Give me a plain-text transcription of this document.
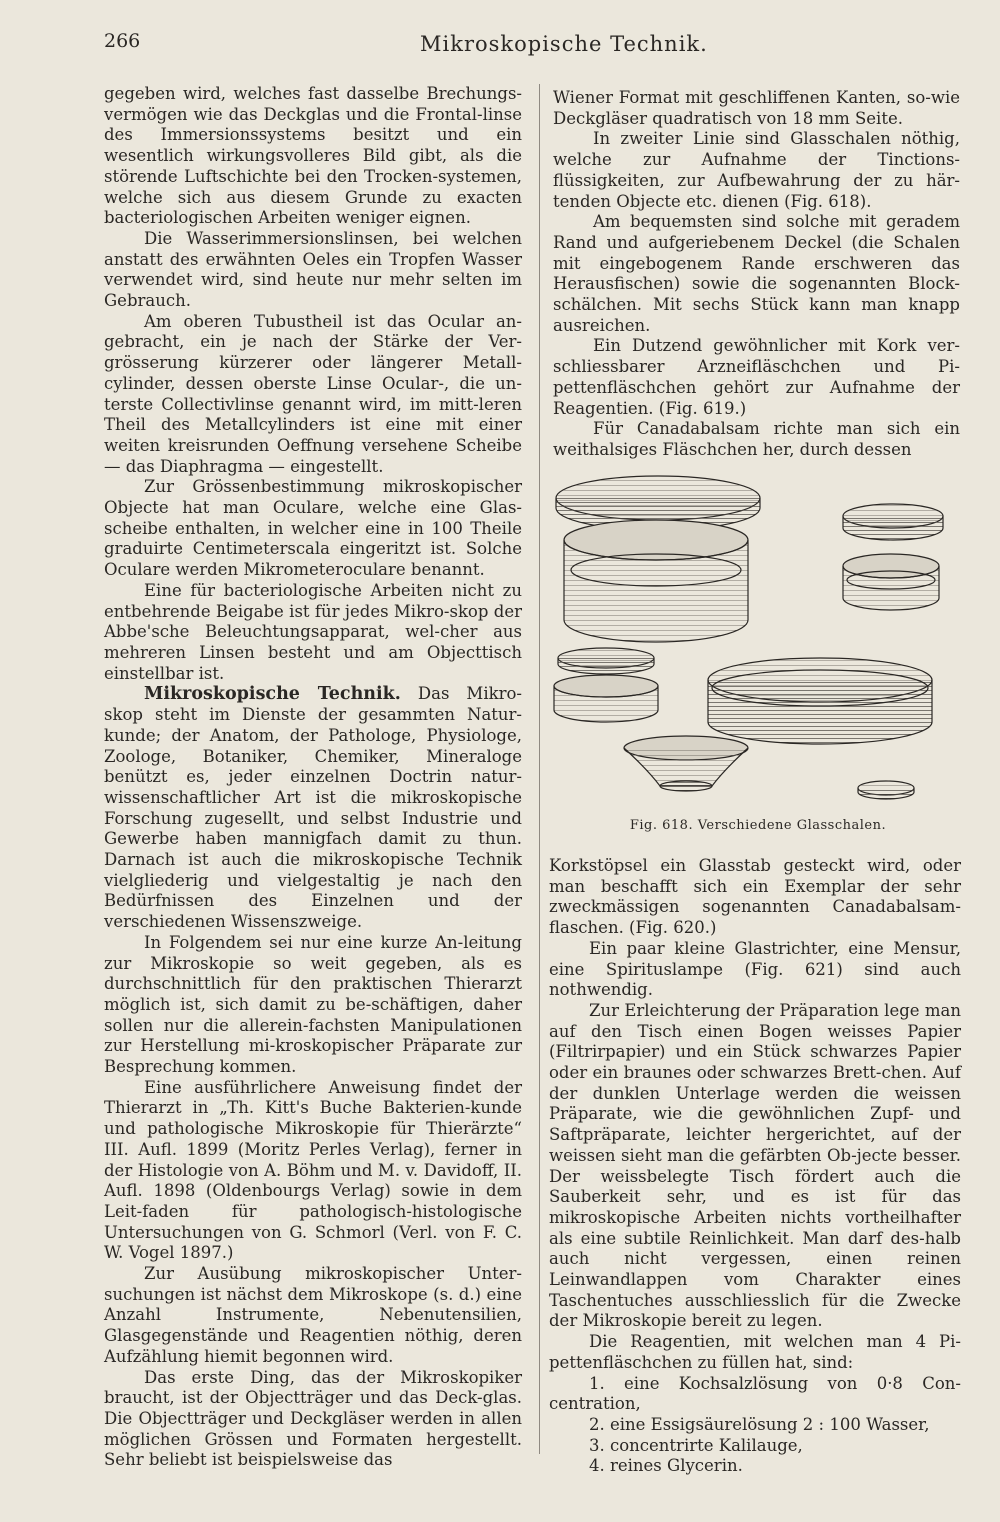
266	Mikroskopische Technik.

gegeben wird, welches fast dasselbe Brechungs-vermögen wie das Deckglas und die Frontal-linse des Immersionssystems besitzt und ein wesentlich wirkungsvolleres Bild gibt, als die störende Luftschichte bei den Trocken-systemen, welche sich aus diesem Grunde zu exacten bacteriologischen Arbeiten weniger eignen.

Die Wasserimmersionslinsen, bei welchen anstatt des erwähnten Oeles ein Tropfen Wasser verwendet wird, sind heute nur mehr selten im Gebrauch.

Am oberen Tubustheil ist das Ocular an-gebracht, ein je nach der Stärke der Ver-grösserung kürzerer oder längerer Metall-cylinder, dessen oberste Linse Ocular-, die un-terste Collectivlinse genannt wird, im mitt-leren Theil des Metallcylinders ist eine mit einer weiten kreisrunden Oeffnung versehene Scheibe — das Diaphragma — eingestellt.

Zur Grössenbestimmung mikroskopischer Objecte hat man Oculare, welche eine Glas-scheibe enthalten, in welcher eine in 100 Theile graduirte Centimeterscala eingeritzt ist. Solche Oculare werden Mikrometeroculare benannt.

Eine für bacteriologische Arbeiten nicht zu entbehrende Beigabe ist für jedes Mikro-skop der Abbe'sche Beleuchtungsapparat, wel-cher aus mehreren Linsen besteht und am Objecttisch einstellbar ist.

Mikroskopische Technik. Das Mikro-skop steht im Dienste der gesammten Natur-kunde; der Anatom, der Pathologe, Physiologe, Zoologe, Botaniker, Chemiker, Mineraloge benützt es, jeder einzelnen Doctrin natur-wissenschaftlicher Art ist die mikroskopische Forschung zugesellt, und selbst Industrie und Gewerbe haben mannigfach damit zu thun. Darnach ist auch die mikroskopische Technik vielgliederig und vielgestaltig je nach den Bedürfnissen des Einzelnen und der verschiedenen Wissenszweige.

In Folgendem sei nur eine kurze An-leitung zur Mikroskopie so weit gegeben, als es durchschnittlich für den praktischen Thierarzt möglich ist, sich damit zu be-schäftigen, daher sollen nur die allerein-fachsten Manipulationen zur Herstellung mi-kroskopischer Präparate zur Besprechung kommen.

Eine ausführlichere Anweisung findet der Thierarzt in „Th. Kitt's Buche Bakterien-kunde und pathologische Mikroskopie für Thierärzte“ III. Aufl. 1899 (Moritz Perles Verlag), ferner in der Histologie von A. Böhm und M. v. Davidoff, II. Aufl. 1898 (Oldenbourgs Verlag) sowie in dem Leit-faden für pathologisch-histologische Untersuchungen von G. Schmorl (Verl. von F. C. W. Vogel 1897.)

Zur Ausübung mikroskopischer Unter-suchungen ist nächst dem Mikroskope (s. d.) eine Anzahl Instrumente, Nebenutensilien, Glasgegenstände und Reagentien nöthig, deren Aufzählung hiemit begonnen wird.

Das erste Ding, das der Mikroskopiker braucht, ist der Objectträger und das Deck-glas. Die Objectträger und Deckgläser werden in allen möglichen Grössen und Formaten hergestellt. Sehr beliebt ist beispielsweise das

Wiener Format mit geschliffenen Kanten, so-wie Deckgläser quadratisch von 18 mm Seite.

In zweiter Linie sind Glasschalen nöthig, welche zur Aufnahme der Tinctions-flüssigkeiten, zur Aufbewahrung der zu här-tenden Objecte etc. dienen (Fig. 618).

Am bequemsten sind solche mit geradem Rand und aufgeriebenem Deckel (die Schalen mit eingebogenem Rande erschweren das Herausfischen) sowie die sogenannten Block-schälchen. Mit sechs Stück kann man knapp ausreichen.

Ein Dutzend gewöhnlicher mit Kork ver-schliessbarer Arzneifläschchen und Pi-pettenfläschchen gehört zur Aufnahme der Reagentien. (Fig. 619.)

Für Canadabalsam richte man sich ein weithalsiges Fläschchen her, durch dessen

Fig. 618. Verschiedene Glasschalen.

Korkstöpsel ein Glasstab gesteckt wird, oder man beschafft sich ein Exemplar der sehr zweckmässigen sogenannten Canadabalsam-flaschen. (Fig. 620.)

Ein paar kleine Glastrichter, eine Mensur, eine Spirituslampe (Fig. 621) sind auch nothwendig.

Zur Erleichterung der Präparation lege man auf den Tisch einen Bogen weisses Papier (Filtrirpapier) und ein Stück schwarzes Papier oder ein braunes oder schwarzes Brett-chen. Auf der dunklen Unterlage werden die weissen Präparate, wie die gewöhnlichen Zupf- und Saftpräparate, leichter hergerichtet, auf der weissen sieht man die gefärbten Ob-jecte besser. Der weissbelegte Tisch fördert auch die Sauberkeit sehr, und es ist für das mikroskopische Arbeiten nichts vortheilhafter als eine subtile Reinlichkeit. Man darf des-halb auch nicht vergessen, einen reinen Leinwandlappen vom Charakter eines Taschentuches ausschliesslich für die Zwecke der Mikroskopie bereit zu legen.

Die Reagentien, mit welchen man 4 Pi-pettenfläschchen zu füllen hat, sind:

1. eine Kochsalzlösung von 0·8 Con-centration,

2. eine Essigsäurelösung 2 : 100 Wasser,

3. concentrirte Kalilauge,

4. reines Glycerin.
